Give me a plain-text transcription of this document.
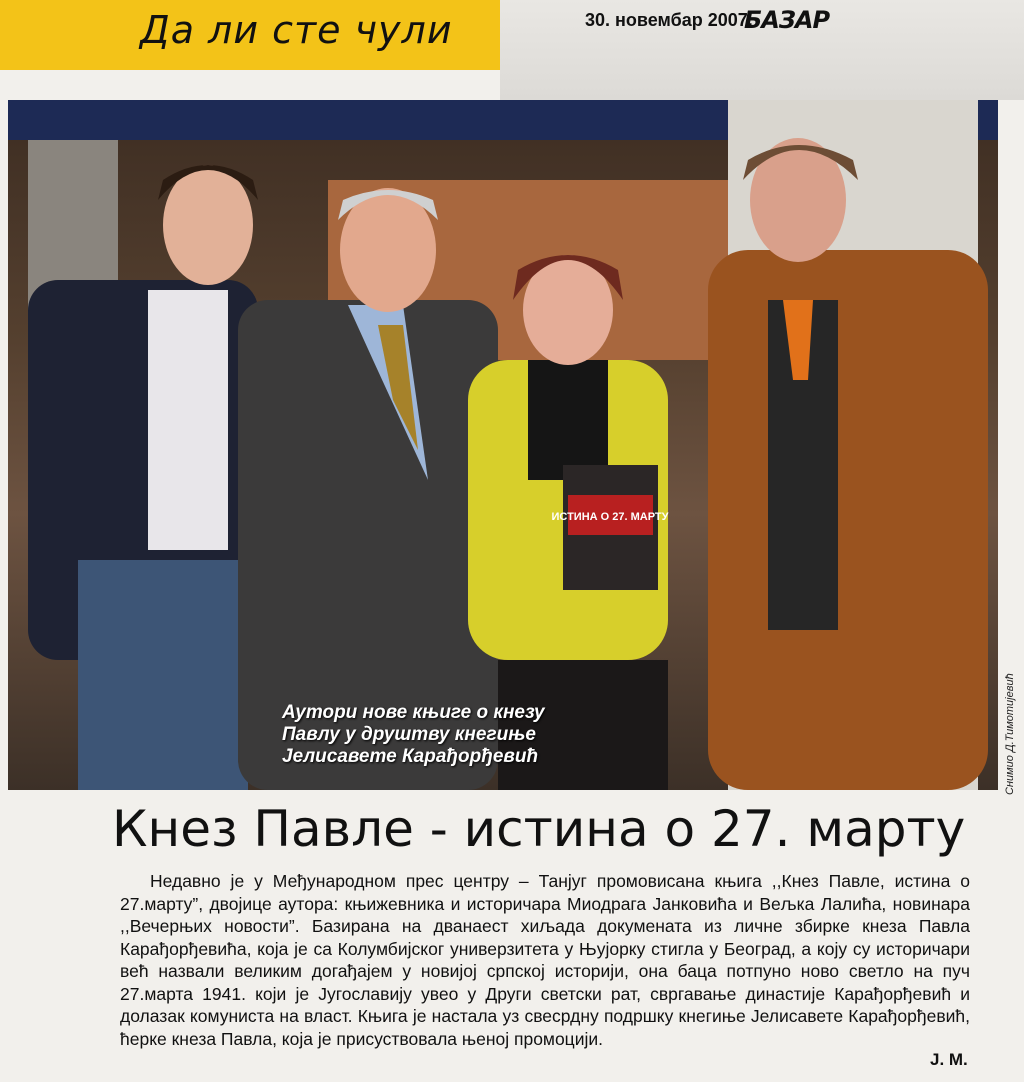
Да ли сте чули	30. новембар 2007.
БАЗАР
ИСТИНА О 27. МАРТУ
Аутори нове књиге о кнезу
Павлу у друштву кнегиње
Јелисавете Карађорђевић	Снимио Д.Тимотијевић
Кнез Павле - истина о 27. марту
Недавно је у Међународном прес центру – Танјуг промовисана књига ,,Кнез Павле, истина о 27.марту”, двојице аутора: књижевника и историчара Миодрага Јанковића и Вељка Лалића, новинара ,,Вечерњих новости”. Базирана на дванаест хиљада докумената из личне збирке кнеза Павла Карађорђевића, која је са Колумбијског универзитета у Њујорку стигла у Београд, а коју су историчари већ назвали великим догађајем у новијој српској историји, она баца потпуно ново светло на пуч 27.марта 1941. који је Југославију увео у Други светски рат, свргавање династије Карађорђевић и долазак комуниста на власт. Књига је настала уз свесрдну подршку кнегиње Јелисавете Карађорђевић, ћерке кнеза Павла, која је присуствовала њеној промоцији.
J. M.
